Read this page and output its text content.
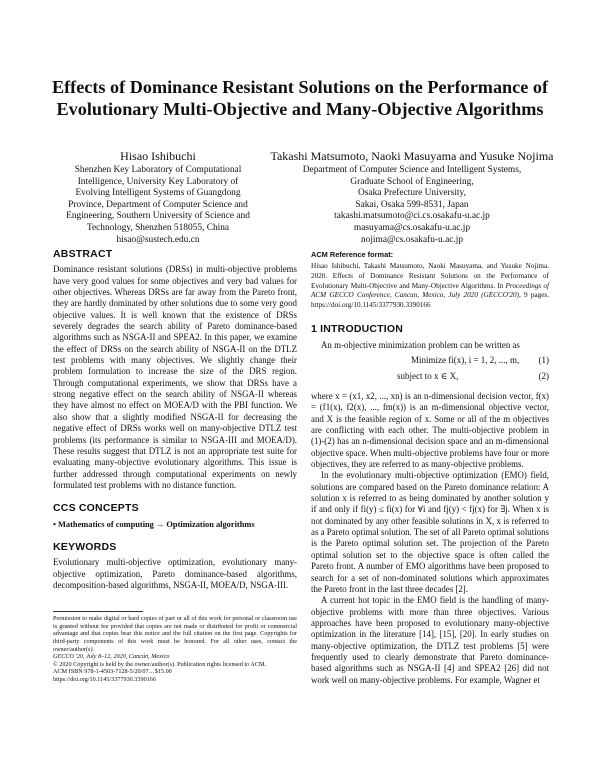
Effects of Dominance Resistant Solutions on the Performance of
Evolutionary Multi-Objective and Many-Objective Algorithms
Hisao Ishibuchi
Shenzhen Key Laboratory of Computational
Intelligence, University Key Laboratory of
Evolving Intelligent Systems of Guangdong
Province, Department of Computer Science and
Engineering, Southern University of Science and
Technology, Shenzhen 518055, China
hisao@sustech.edu.cn
Takashi Matsumoto, Naoki Masuyama and Yusuke Nojima
Department of Computer Science and Intelligent Systems,
Graduate School of Engineering,
Osaka Prefecture University,
Sakai, Osaka 599-8531, Japan
takashi.matsumoto@ci.cs.osakafu-u.ac.jp
masuyama@cs.osakafu-u.ac.jp
nojima@cs.osakafu-u.ac.jp
ABSTRACT

Dominance resistant solutions (DRSs) in multi-objective problems have very good values for some objectives and very bad values for other objectives. Whereas DRSs are far away from the Pareto front, they are hardly dominated by other solutions due to some very good objective values. It is well known that the existence of DRSs severely degrades the search ability of Pareto dominance-based algorithms such as NSGA-II and SPEA2. In this paper, we examine the effect of DRSs on the search ability of NSGA-II on the DTLZ test problems with many objectives. We slightly change their problem formulation to increase the size of the DRS region. Through computational experiments, we show that DRSs have a strong negative effect on the search ability of NSGA-II whereas they have almost no effect on MOEA/D with the PBI function. We also show that a slightly modified NSGA-II for decreasing the negative effect of DRSs works well on many-objective DTLZ test problems (its performance is similar to NSGA-III and MOEA/D). These results suggest that DTLZ is not an appropriate test suite for evaluating many-objective evolutionary algorithms. This issue is further addressed through computational experiments on newly formulated test problems with no distance function.

CCS CONCEPTS
• Mathematics of computing → Optimization algorithms
KEYWORDS

Evolutionary multi-objective optimization, evolutionary many-objective optimization, Pareto dominance-based algorithms, decomposition-based algorithms, NSGA-II, MOEA/D, NSGA-III.

Permission to make digital or hard copies of part or all of this work for personal or classroom use is granted without fee provided that copies are not made or distributed for profit or commercial advantage and that copies bear this notice and the full citation on the first page. Copyrights for third-party components of this work must be honored. For all other uses, contact the owner/author(s).
GECCO '20, July 8–12, 2020, Cancún, Mexico
© 2020 Copyright is held by the owner/author(s). Publication rights licensed to ACM.
ACM ISBN 978-1-4503-7128-5/20/07…$15.00
https://doi.org/10.1145/3377930.3390166
ACM Reference format:

Hisao Ishibuchi, Takashi Matsumoto, Naoki Masuyama, and Yusuke Nojima. 2020. Effects of Dominance Resistant Solutions on the Performance of Evolutionary Multi-Objective and Many-Objective Algorithms. In Proceedings of ACM GECCO Conference, Cancun, Mexico, July 2020 (GECCO'20), 9 pages. https://doi.org/10.1145/3377930.3390166

1 INTRODUCTION

An m-objective minimization problem can be written as

Minimize fi(x), i = 1, 2, ..., m, (1)
subject to x ∈ X,	(2)

where x = (x1, x2, ..., xn) is an n-dimensional decision vector, f(x) = (f1(x), f2(x), ..., fm(x)) is an m-dimensional objective vector, and X is the feasible region of x. Some or all of the m objectives are conflicting with each other. The multi-objective problem in (1)-(2) has an n-dimensional decision space and an m-dimensional objective space. When multi-objective problems have four or more objectives, they are referred to as many-objective problems.

In the evolutionary multi-objective optimization (EMO) field, solutions are compared based on the Pareto dominance relation: A solution x is referred to as being dominated by another solution y if and only if fi(y) ≤ fi(x) for ∀i and fj(y) < fj(x) for ∃j. When x is not dominated by any other feasible solutions in X, x is referred to as a Pareto optimal solution. The set of all Pareto optimal solutions is the Pareto optimal solution set. The projection of the Pareto optimal solution set to the objective space is often called the Pareto front. A number of EMO algorithms have been proposed to search for a set of non-dominated solutions which approximates the Pareto front in the last three decades [2].

A current hot topic in the EMO field is the handling of many-objective problems with more than three objectives. Various approaches have been proposed to evolutionary many-objective optimization in the literature [14], [15], [20]. In early studies on many-objective optimization, the DTLZ test problems [5] were frequently used to clearly demonstrate that Pareto dominance-based algorithms such as NSGA-II [4] and SPEA2 [26] did not work well on many-objective problems. For example, Wagner et
